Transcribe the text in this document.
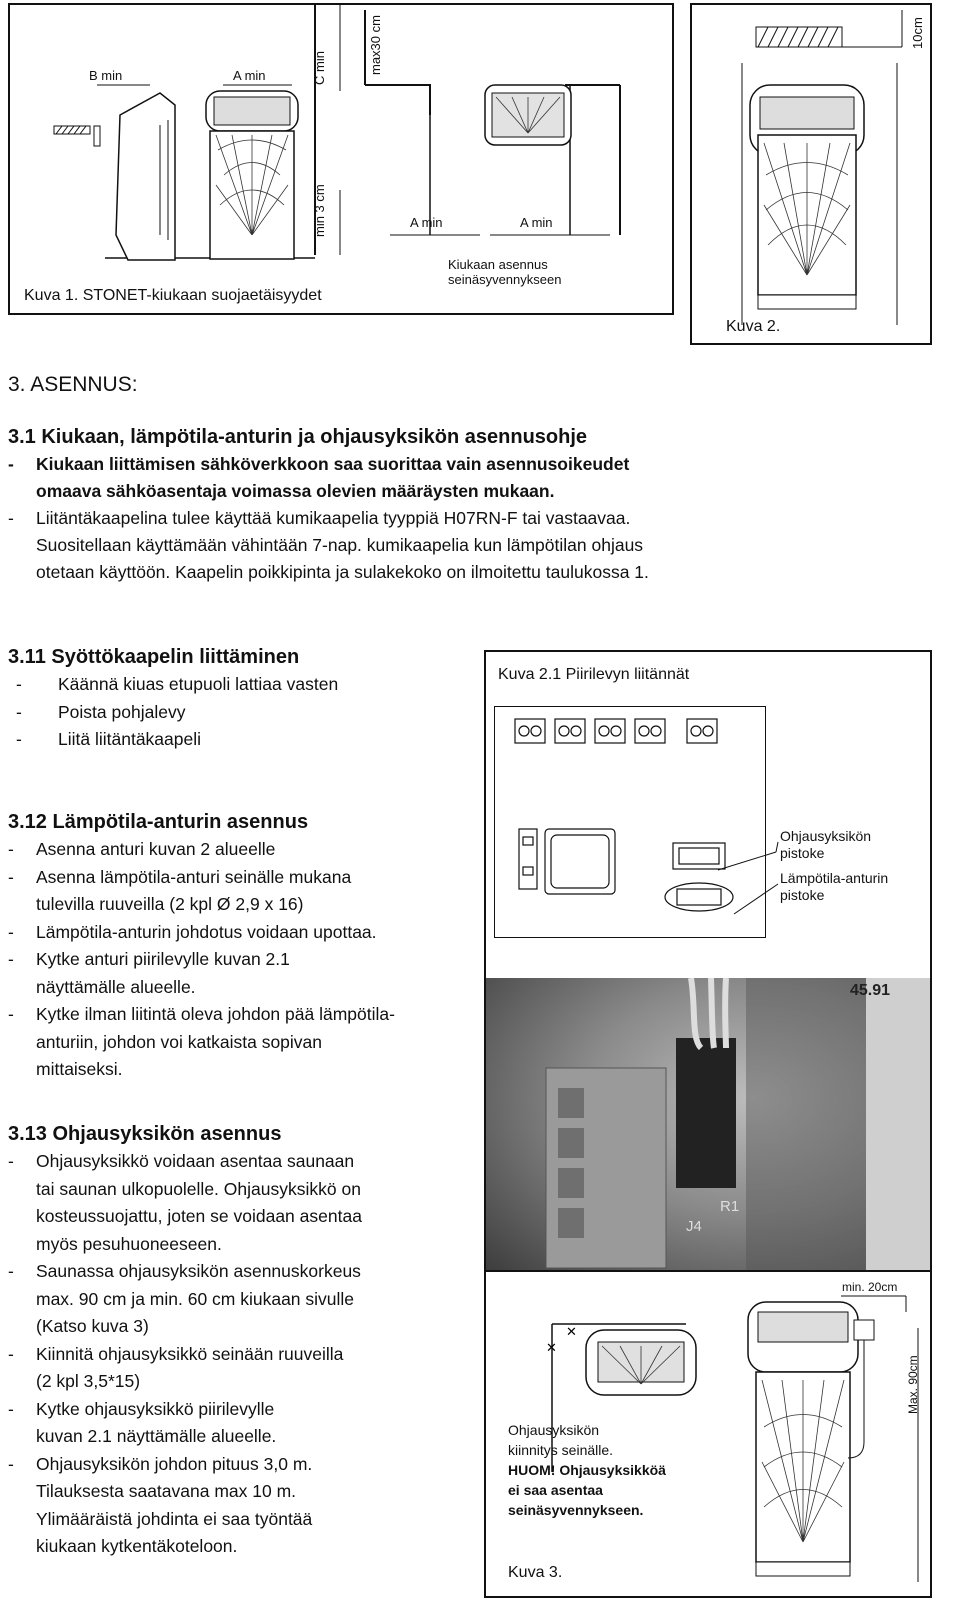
B min	A min	C min	max30 cm
min 3 cm	A min	A min
Kiukaan asennus
seinäsyvennykseen
Kuva 1. STONET-kiukaan suojaetäisyydet
10cm
Kuva 2.
3. ASENNUS:
3.1 Kiukaan, lämpötila-anturin ja ohjausyksikön asennusohje
- Kiukaan liittämisen sähköverkkoon saa suorittaa vain asennusoikeudet
omaava sähköasentaja voimassa olevien määräysten mukaan.
- Liitäntäkaapelina tulee käyttää kumikaapelia tyyppiä H07RN-F tai vastaavaa.
Suositellaan käyttämään vähintään 7-nap. kumikaapelia kun lämpötilan ohjaus
otetaan käyttöön. Kaapelin poikkipinta ja sulakekoko on ilmoitettu taulukossa 1.
3.11 Syöttökaapelin liittäminen
- Käännä kiuas etupuoli lattiaa vasten
- Poista pohjalevy
- Liitä liitäntäkaapeli
Kuva 2.1 Piirilevyn liitännät
Ohjausyksikön
pistoke
Lämpötila-anturin
pistoke
45.91
J4
R1
3.12 Lämpötila-anturin asennus
- Asenna anturi kuvan 2 alueelle
- Asenna lämpötila-anturi seinälle mukana
tulevilla ruuveilla (2 kpl Ø 2,9 x 16)
- Lämpötila-anturin johdotus voidaan upottaa.
- Kytke anturi piirilevylle kuvan 2.1
näyttämälle alueelle.
- Kytke ilman liitintä oleva johdon pää lämpötila-
anturiin, johdon voi katkaista sopivan
mittaiseksi.
3.13 Ohjausyksikön asennus
- Ohjausyksikkö voidaan asentaa saunaan
tai saunan ulkopuolelle. Ohjausyksikkö on
kosteussuojattu, joten se voidaan asentaa
myös pesuhuoneeseen.
- Saunassa ohjausyksikön asennuskorkeus
max. 90 cm ja min. 60 cm kiukaan sivulle
(Katso kuva 3)
- Kiinnitä ohjausyksikkö seinään ruuveilla
(2 kpl 3,5*15)
- Kytke ohjausyksikkö piirilevylle
kuvan 2.1 näyttämälle alueelle.
- Ohjausyksikön johdon pituus 3,0 m.
Tilauksesta saatavana max 10 m.
Ylimääräistä johdinta ei saa työntää
kiukaan kytkentäkoteloon.
✕
✕
min. 20cm
Max. 90cm
Ohjausyksikön
kiinnitys seinälle.
HUOM! Ohjausyksikköä
ei saa asentaa
seinäsyvennykseen.
Kuva 3.
